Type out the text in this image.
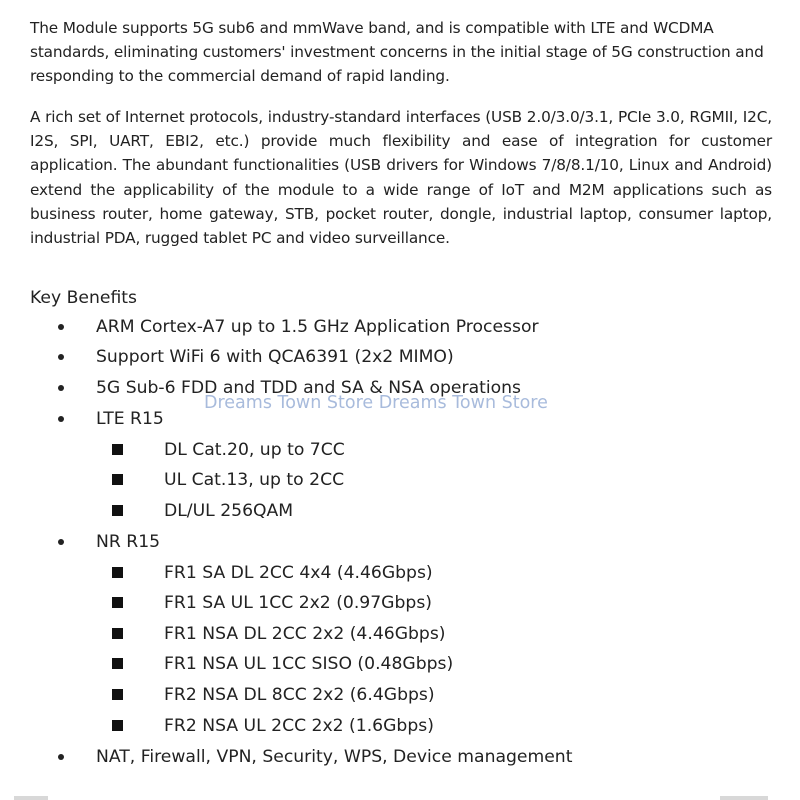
The Module supports 5G sub6 and mmWave band, and is compatible with LTE and WCDMA standards, eliminating customers' investment concerns in the initial stage of 5G construction and responding to the commercial demand of rapid landing.
A rich set of Internet protocols, industry-standard interfaces (USB 2.0/3.0/3.1, PCIe 3.0, RGMII, I2C, I2S, SPI, UART, EBI2, etc.) provide much flexibility and ease of integration for customer application. The abundant functionalities (USB drivers for Windows 7/8/8.1/10, Linux and Android) extend the applicability of the module to a wide range of IoT and M2M applications such as business router, home gateway, STB, pocket router, dongle, industrial laptop, consumer laptop, industrial PDA, rugged tablet PC and video surveillance.
Key Benefits
ARM Cortex-A7 up to 1.5 GHz Application Processor
Support WiFi 6 with QCA6391 (2x2 MIMO)
5G Sub-6 FDD and TDD and SA & NSA operations
LTE R15
DL Cat.20, up to 7CC
UL Cat.13, up to 2CC
DL/UL 256QAM
NR R15
FR1 SA DL 2CC 4x4 (4.46Gbps)
FR1 SA UL 1CC 2x2 (0.97Gbps)
FR1 NSA DL 2CC 2x2 (4.46Gbps)
FR1 NSA UL 1CC SISO (0.48Gbps)
FR2 NSA DL 8CC 2x2 (6.4Gbps)
FR2 NSA UL 2CC 2x2 (1.6Gbps)
NAT, Firewall, VPN, Security, WPS, Device management
Dreams Town Store Dreams Town Store
